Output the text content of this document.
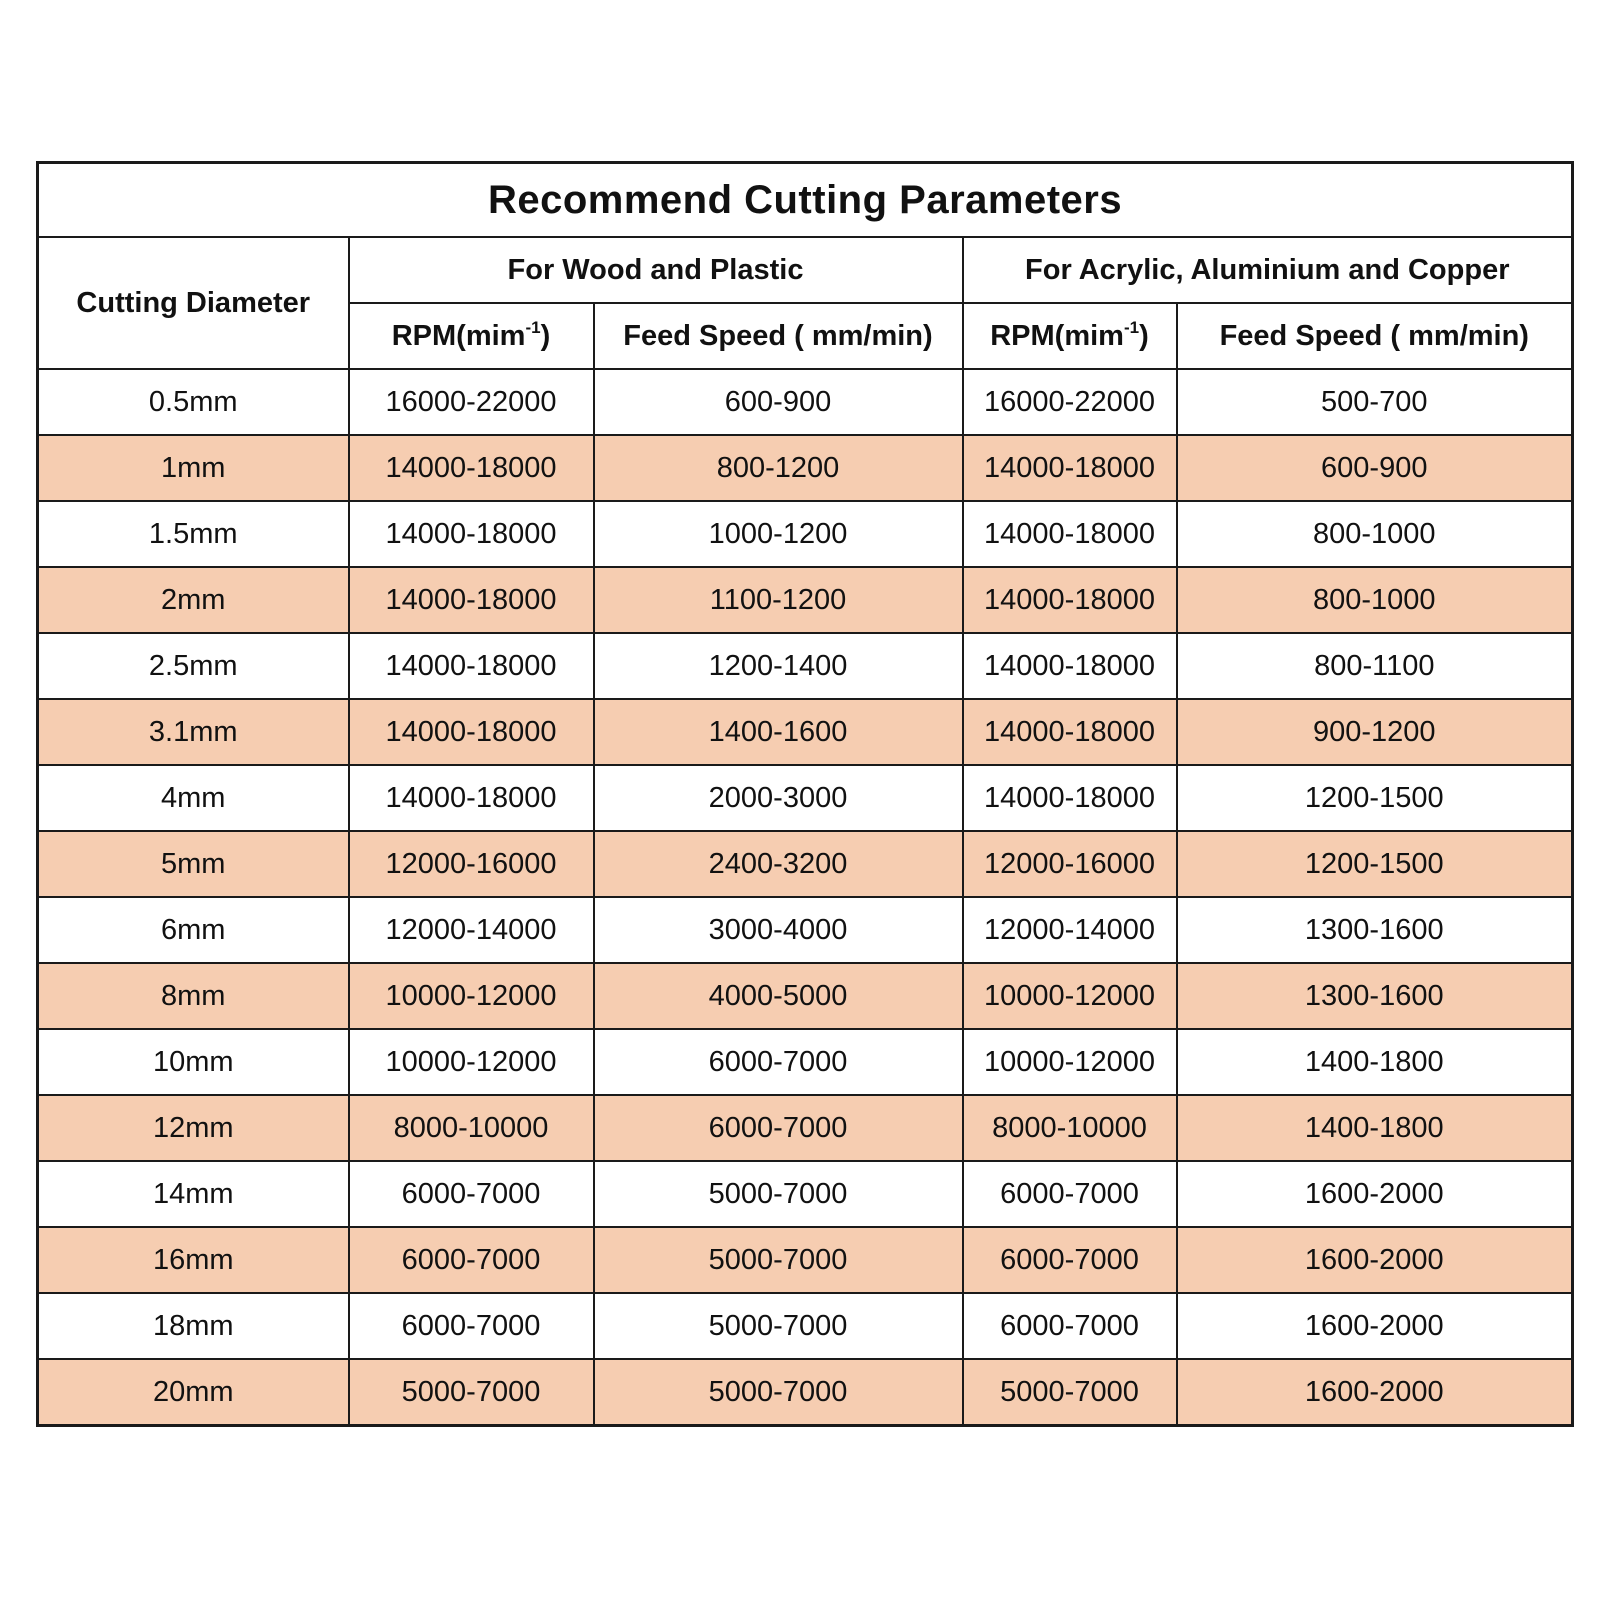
Recommend Cutting Parameters				
Cutting Diameter	For Wood and Plastic		For Acrylic, Aluminium and Copper	
	RPM(mim$^{-1}$)	Feed Speed ( mm/min)	RPM(mim$^{-1}$)	Feed Speed ( mm/min)
0.5mm	16000-22000	600-900	16000-22000	500-700
1mm	14000-18000	800-1200	14000-18000	600-900
1.5mm	14000-18000	1000-1200	14000-18000	800-1000
2mm	14000-18000	1100-1200	14000-18000	800-1000
2.5mm	14000-18000	1200-1400	14000-18000	800-1100
3.1mm	14000-18000	1400-1600	14000-18000	900-1200
4mm	14000-18000	2000-3000	14000-18000	1200-1500
5mm	12000-16000	2400-3200	12000-16000	1200-1500
6mm	12000-14000	3000-4000	12000-14000	1300-1600
8mm	10000-12000	4000-5000	10000-12000	1300-1600
10mm	10000-12000	6000-7000	10000-12000	1400-1800
12mm	8000-10000	6000-7000	8000-10000	1400-1800
14mm	6000-7000	5000-7000	6000-7000	1600-2000
16mm	6000-7000	5000-7000	6000-7000	1600-2000
18mm	6000-7000	5000-7000	6000-7000	1600-2000
20mm	5000-7000	5000-7000	5000-7000	1600-2000
